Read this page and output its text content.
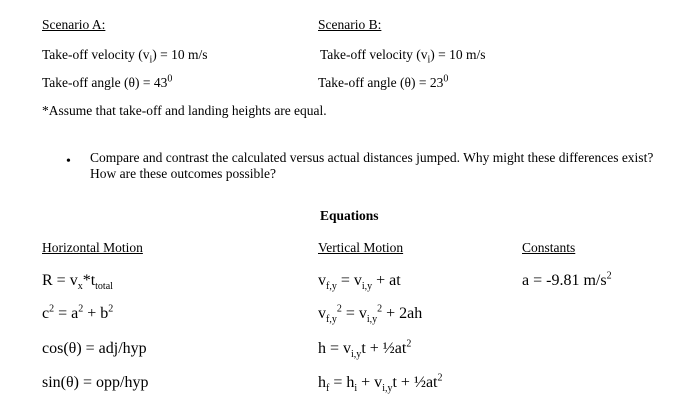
Scenario A:
Take-off velocity $(v_i) = 10$ m/s
Take-off angle $(\theta) = 43^0$
Scenario B:
Take-off velocity $(v_i) = 10$ m/s
Take-off angle $(\theta) = 23^0$
*Assume that take-off and landing heights are equal.
• Compare and contrast the calculated versus actual distances jumped. Why might these differences exist? How are these outcomes possible?
Equations
Horizontal Motion
$R = v_x*t_{total}$
$c^2 = a^2 + b^2$
cos(θ) = adj/hyp
sin(θ) = opp/hyp
Vertical Motion
$v_{f,y} = v_{i,y}$ + at
$v_{f,y}^2 = v_{i,y}^2 + 2ah$
$h = v_{i,y}t$ + $\frac{1}{2}at^2$
$h_f = h_i + v_{i,y}t$ + $\frac{1}{2}at^2$
Constants
a = -9.81 $m/s^2$
